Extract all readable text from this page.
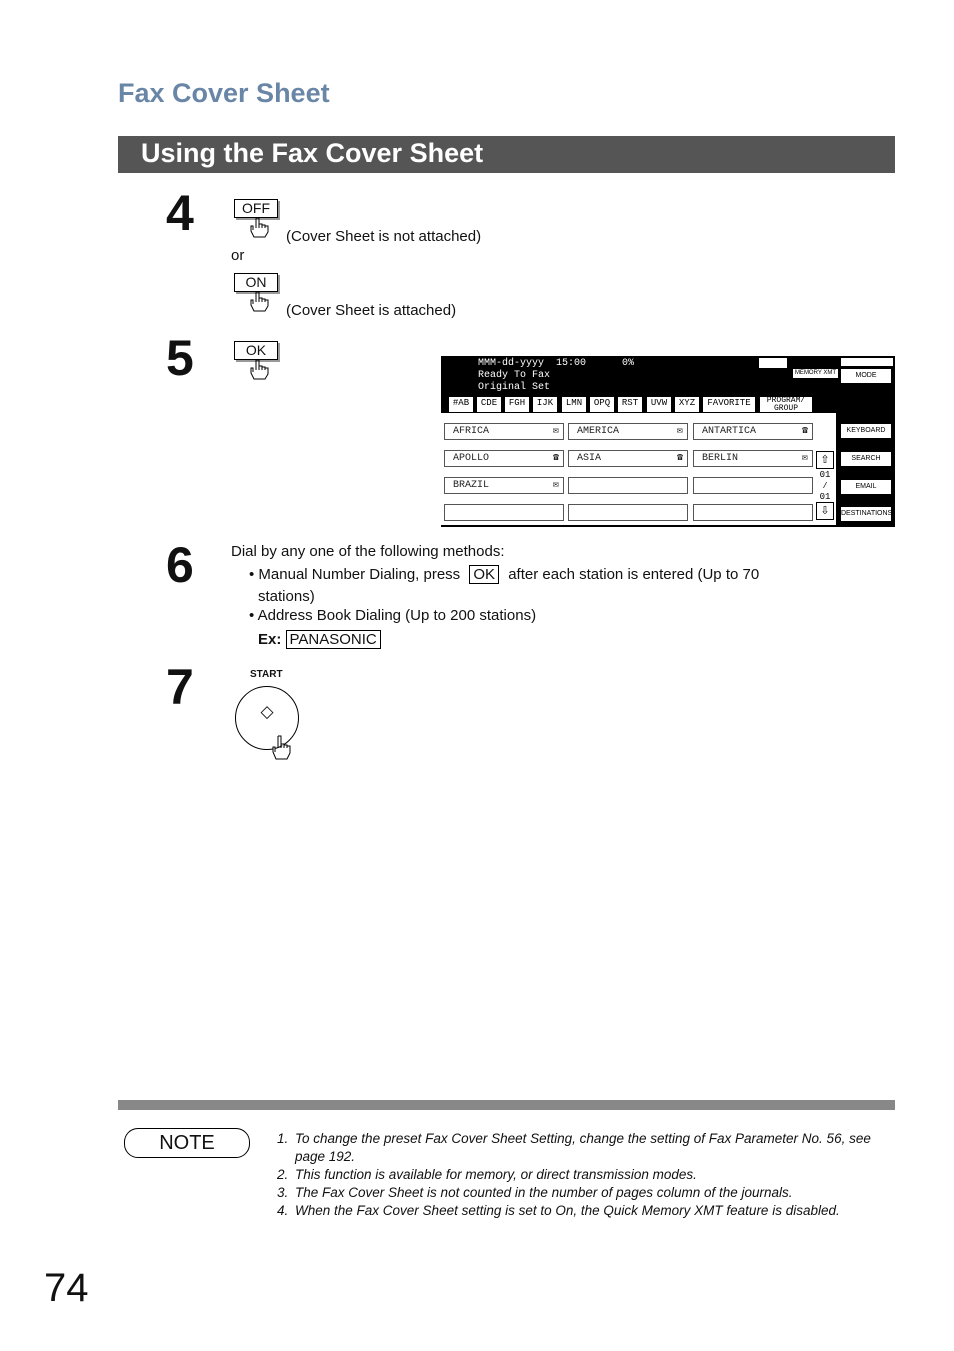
Fax Cover Sheet
Using the Fax Cover Sheet
4	OFF
(Cover Sheet is not attached)
or
ON
(Cover Sheet is attached)
5	OK
MMM-dd-yyyy  15:00      0%
Ready To Fax
Original Set
MEMORY XMT	MODE SETTING
#AB	CDE	FGH	IJK	LMN	OPQ	RST	UVW	XYZ	FAVORITE	PROGRAM/ GROUP
AFRICA	✉	AMERICA	✉	ANTARTICA	☎
APOLLO	☎	ASIA	☎	BERLIN	✉
BRAZIL	✉
⇧
01
/
01
⇩
KEYBOARD
SEARCH
EMAIL HEADER
DESTINATIONS
6 Dial by any one of the following methods:
• Manual Number Dialing, press OK after each station is entered (Up to 70
stations)
• Address Book Dialing (Up to 200 stations)
Ex: PANASONIC
7	START
◇
NOTE	1. To change the preset Fax Cover Sheet Setting, change the setting of Fax Parameter No. 56, see page 192.
2. This function is available for memory, or direct transmission modes.
3. The Fax Cover Sheet is not counted in the number of pages column of the journals.
4. When the Fax Cover Sheet setting is set to On, the Quick Memory XMT feature is disabled.
74
